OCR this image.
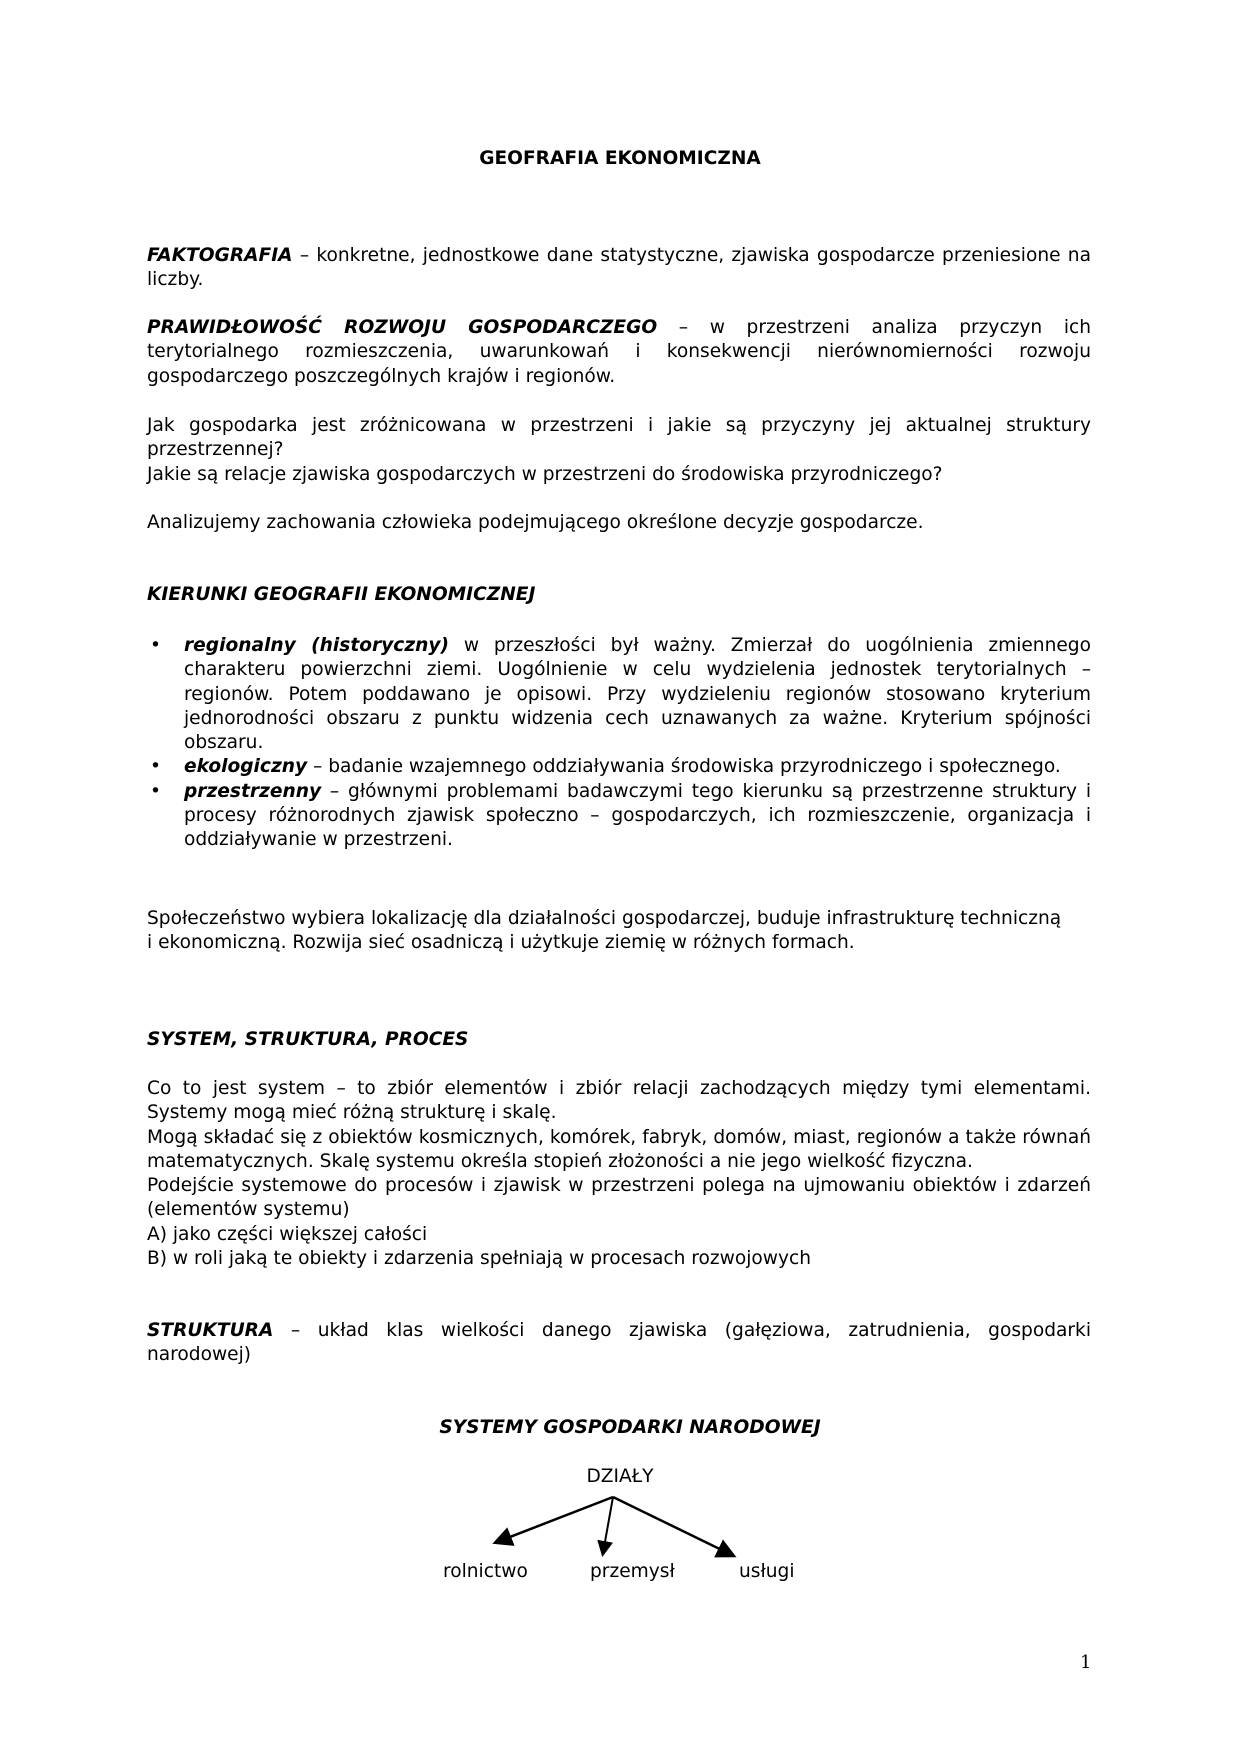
GEOFRAFIA EKONOMICZNA
FAKTOGRAFIA – konkretne, jednostkowe dane statystyczne, zjawiska gospodarcze przeniesione na liczby.
PRAWIDŁOWOŚĆ ROZWOJU GOSPODARCZEGO – w przestrzeni analiza przyczyn ich terytorialnego rozmieszczenia, uwarunkowań i konsekwencji nierównomierności rozwoju gospodarczego poszczególnych krajów i regionów.
Jak gospodarka jest zróżnicowana w przestrzeni i jakie są przyczyny jej aktualnej struktury przestrzennej?
Jakie są relacje zjawiska gospodarczych w przestrzeni do środowiska przyrodniczego?
Analizujemy zachowania człowieka podejmującego określone decyzje gospodarcze.
KIERUNKI GEOGRAFII EKONOMICZNEJ
• regionalny (historyczny) w przeszłości był ważny. Zmierzał do uogólnienia zmiennego charakteru powierzchni ziemi. Uogólnienie w celu wydzielenia jednostek terytorialnych – regionów. Potem poddawano je opisowi. Przy wydzieleniu regionów stosowano kryterium jednorodności obszaru z punktu widzenia cech uznawanych za ważne. Kryterium spójności obszaru.
• ekologiczny – badanie wzajemnego oddziaływania środowiska przyrodniczego i społecznego.
• przestrzenny – głównymi problemami badawczymi tego kierunku są przestrzenne struktury i procesy różnorodnych zjawisk społeczno – gospodarczych, ich rozmieszczenie, organizacja i oddziaływanie w przestrzeni.
Społeczeństwo wybiera lokalizację dla działalności gospodarczej, buduje infrastrukturę techniczną
i ekonomiczną. Rozwija sieć osadniczą i użytkuje ziemię w różnych formach.
SYSTEM, STRUKTURA, PROCES
Co to jest system – to zbiór elementów i zbiór relacji zachodzących między tymi elementami. Systemy mogą mieć różną strukturę i skalę.
Mogą składać się z obiektów kosmicznych, komórek, fabryk, domów, miast, regionów a także równań matematycznych. Skalę systemu określa stopień złożoności a nie jego wielkość fizyczna.
Podejście systemowe do procesów i zjawisk w przestrzeni polega na ujmowaniu obiektów i zdarzeń (elementów systemu)
A) jako części większej całości
B) w roli jaką te obiekty i zdarzenia spełniają w procesach rozwojowych
STRUKTURA – układ klas wielkości danego zjawiska (gałęziowa, zatrudnienia, gospodarki narodowej)
SYSTEMY GOSPODARKI NARODOWEJ
DZIAŁY
rolnictwo	przemysł	usługi
1
